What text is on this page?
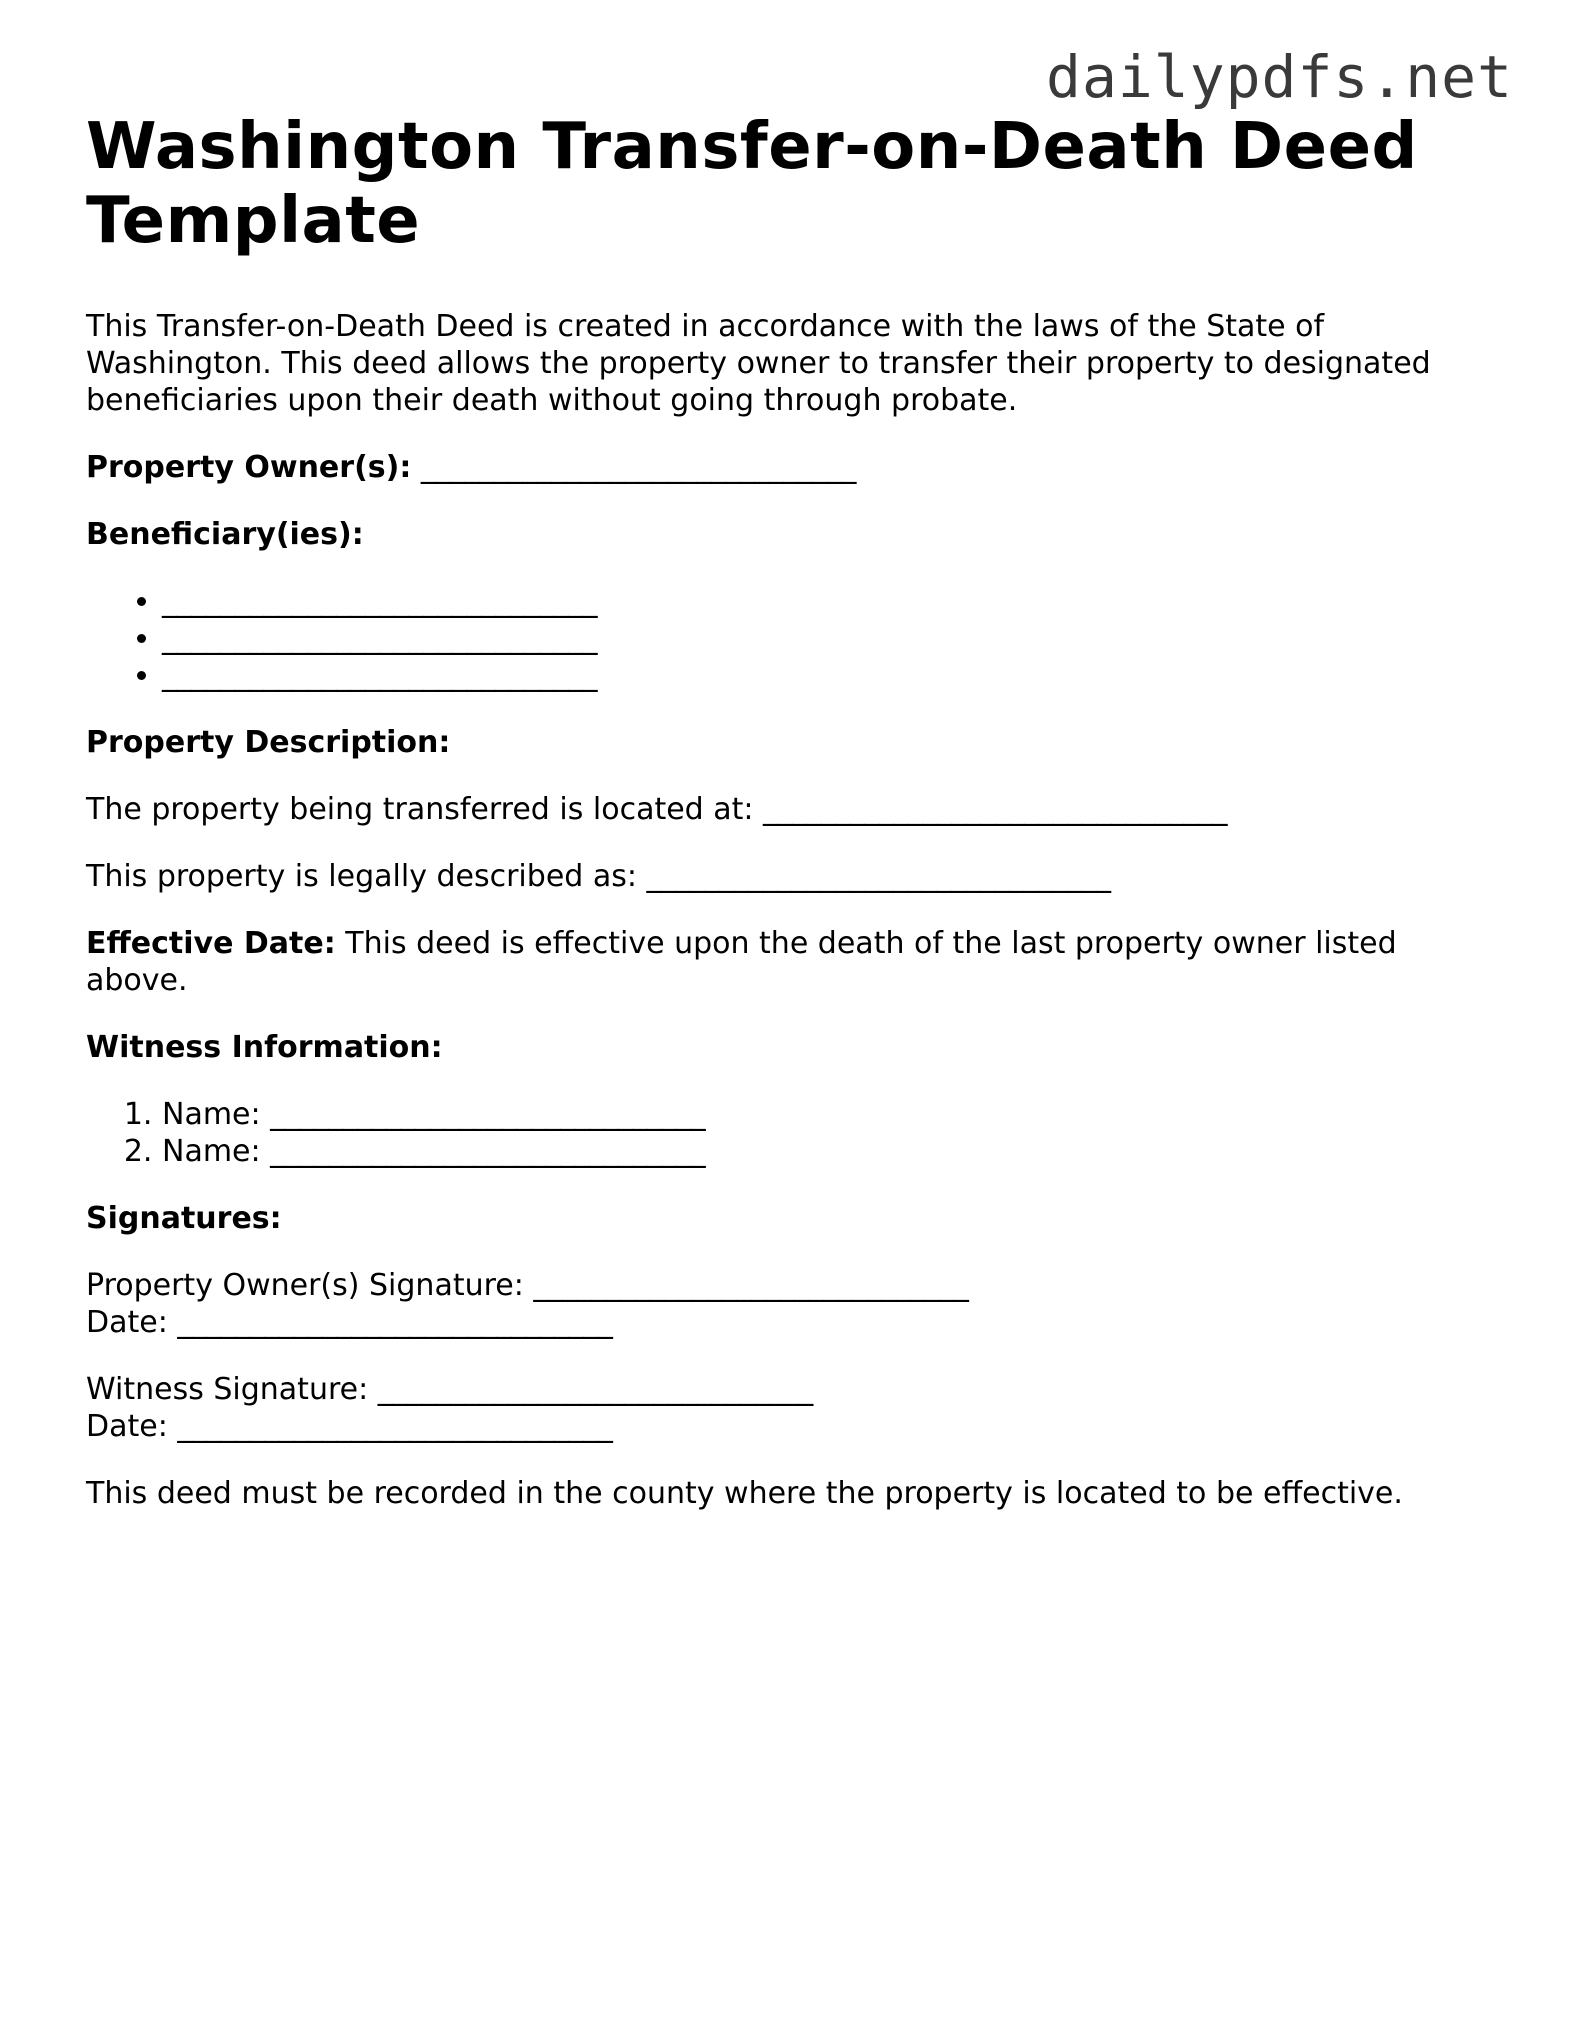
dailypdfs.net
Washington Transfer-on-Death Deed Template

This Transfer-on-Death Deed is created in accordance with the laws of the State of Washington. This deed allows the property owner to transfer their property to designated beneficiaries upon their death without going through probate.

Property Owner(s): ______________________________

Beneficiary(ies):

• ______________________________
• ______________________________
• ______________________________

Property Description:

The property being transferred is located at: ________________________________

This property is legally described as: ________________________________

Effective Date: This deed is effective upon the death of the last property owner listed above.

Witness Information:

1. Name: ______________________________
2. Name: ______________________________

Signatures:

Property Owner(s) Signature: ______________________________
Date: ______________________________

Witness Signature: ______________________________
Date: ______________________________

This deed must be recorded in the county where the property is located to be effective.
